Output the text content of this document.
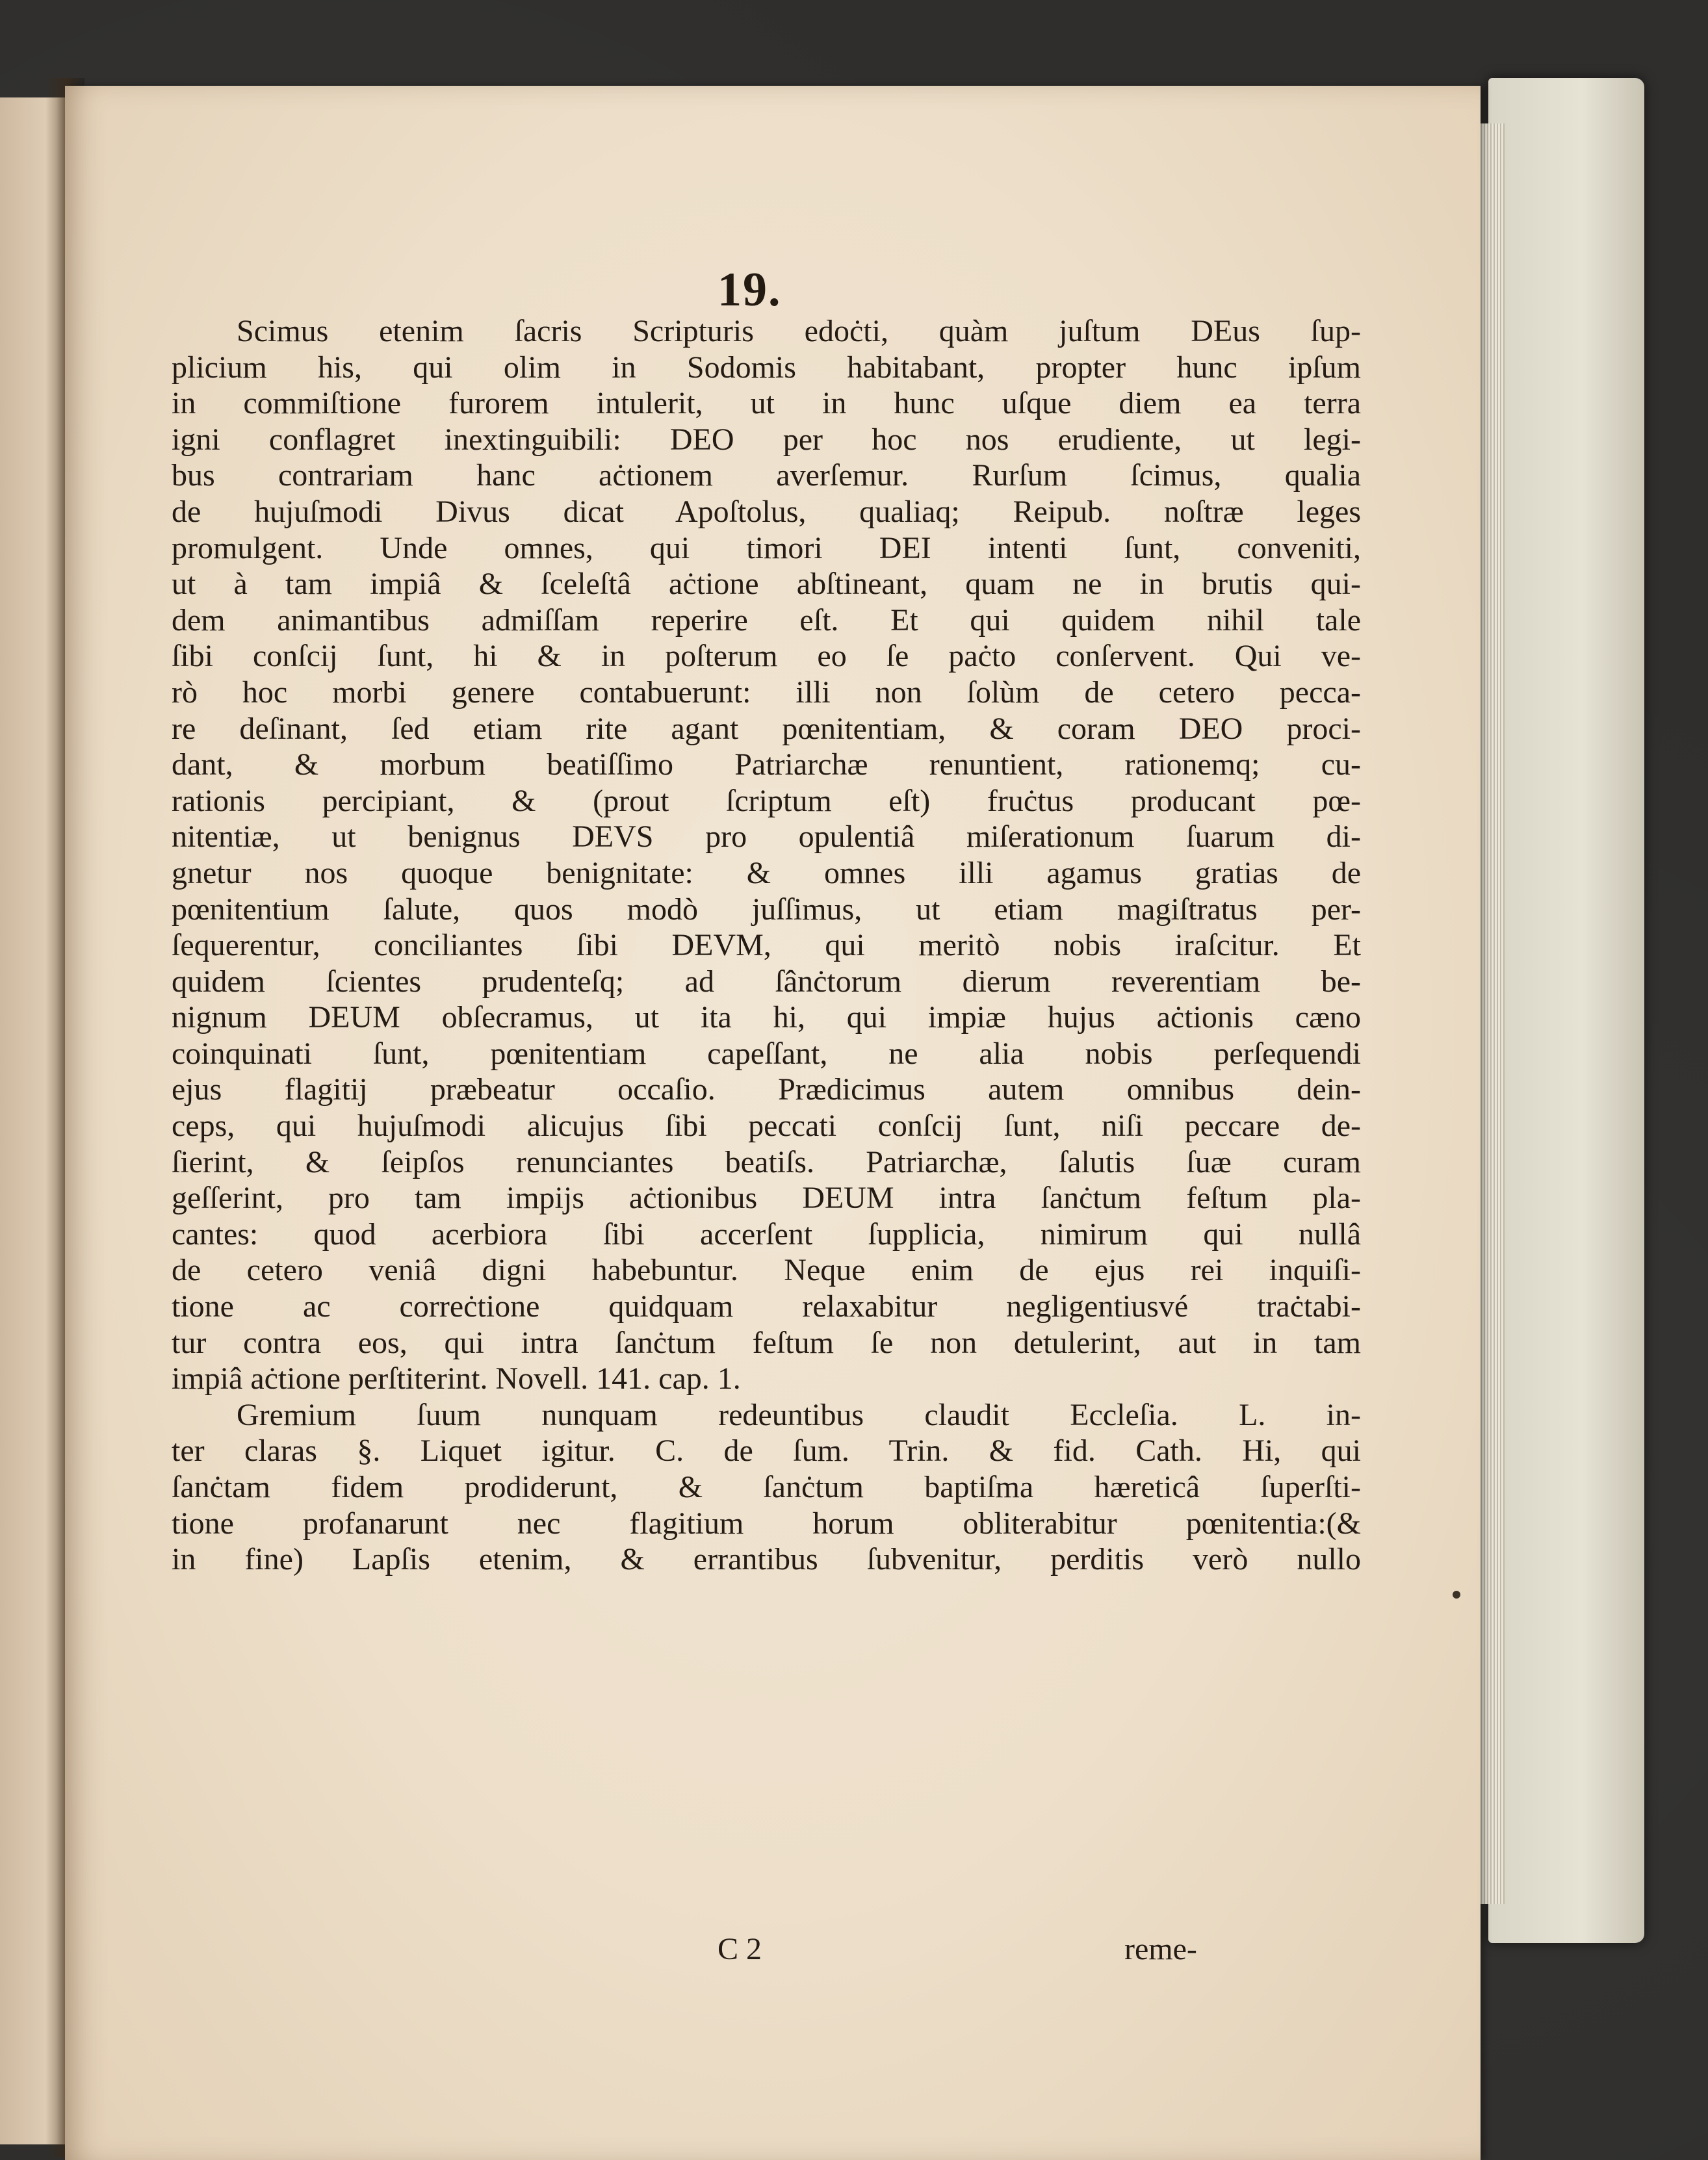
19.
Scimus etenim ſacris Scripturis edoċti, quàm juſtum DEus ſup-
plicium his, qui olim in Sodomis habitabant, propter hunc ipſum
in commiſtione furorem intulerit, ut in hunc uſque diem ea terra
igni conflagret inextinguibili: DEO per hoc nos erudiente, ut legi-
bus contrariam hanc aċtionem averſemur. Rurſum ſcimus, qualia
de hujuſmodi Divus dicat Apoſtolus, qualiaq; Reipub. noſtræ leges
promulgent. Unde omnes, qui timori DEI intenti ſunt, conveniti,
ut à tam impiâ & ſceleſtâ aċtione abſtineant, quam ne in brutis qui-
dem animantibus admiſſam reperire eſt. Et qui quidem nihil tale
ſibi conſcij ſunt, hi & in poſterum eo ſe paċto conſervent. Qui ve-
rò hoc morbi genere contabuerunt: illi non ſolùm de cetero pecca-
re deſinant, ſed etiam rite agant pœnitentiam, & coram DEO proci-
dant, & morbum beatiſſimo Patriarchæ renuntient, rationemq; cu-
rationis percipiant, & (prout ſcriptum eſt) fruċtus producant pœ-
nitentiæ, ut benignus DEVS pro opulentiâ miſerationum ſuarum di-
gnetur nos quoque benignitate: & omnes illi agamus gratias de
pœnitentium ſalute, quos modò juſſimus, ut etiam magiſtratus per-
ſequerentur, conciliantes ſibi DEVM, qui meritò nobis iraſcitur. Et
quidem ſcientes prudenteſq; ad ſânċtorum dierum reverentiam be-
nignum DEUM obſecramus, ut ita hi, qui impiæ hujus aċtionis cæno
coinquinati ſunt, pœnitentiam capeſſant, ne alia nobis perſequendi
ejus flagitij præbeatur occaſio. Prædicimus autem omnibus dein-
ceps, qui hujuſmodi alicujus ſibi peccati conſcij ſunt, niſi peccare de-
ſierint, & ſeipſos renunciantes beatiſs. Patriarchæ, ſalutis ſuæ curam
geſſerint, pro tam impijs aċtionibus DEUM intra ſanċtum feſtum pla-
cantes: quod acerbiora ſibi accerſent ſupplicia, nimirum qui nullâ
de cetero veniâ digni habebuntur. Neque enim de ejus rei inquiſi-
tione ac correċtione quidquam relaxabitur negligentiusvé traċtabi-
tur contra eos, qui intra ſanċtum feſtum ſe non detulerint, aut in tam
impiâ aċtione perſtiterint. Novell. 141. cap. 1.
Gremium ſuum nunquam redeuntibus claudit Eccleſia. L. in-
ter claras §. Liquet igitur. C. de ſum. Trin. & fid. Cath. Hi, qui
ſanċtam fidem prodiderunt, & ſanċtum baptiſma hæreticâ ſuperſti-
tione profanarunt nec flagitium horum obliterabitur pœnitentia:(&
in fine) Lapſis etenim, & errantibus ſubvenitur, perditis verò nullo
C 2	reme-
